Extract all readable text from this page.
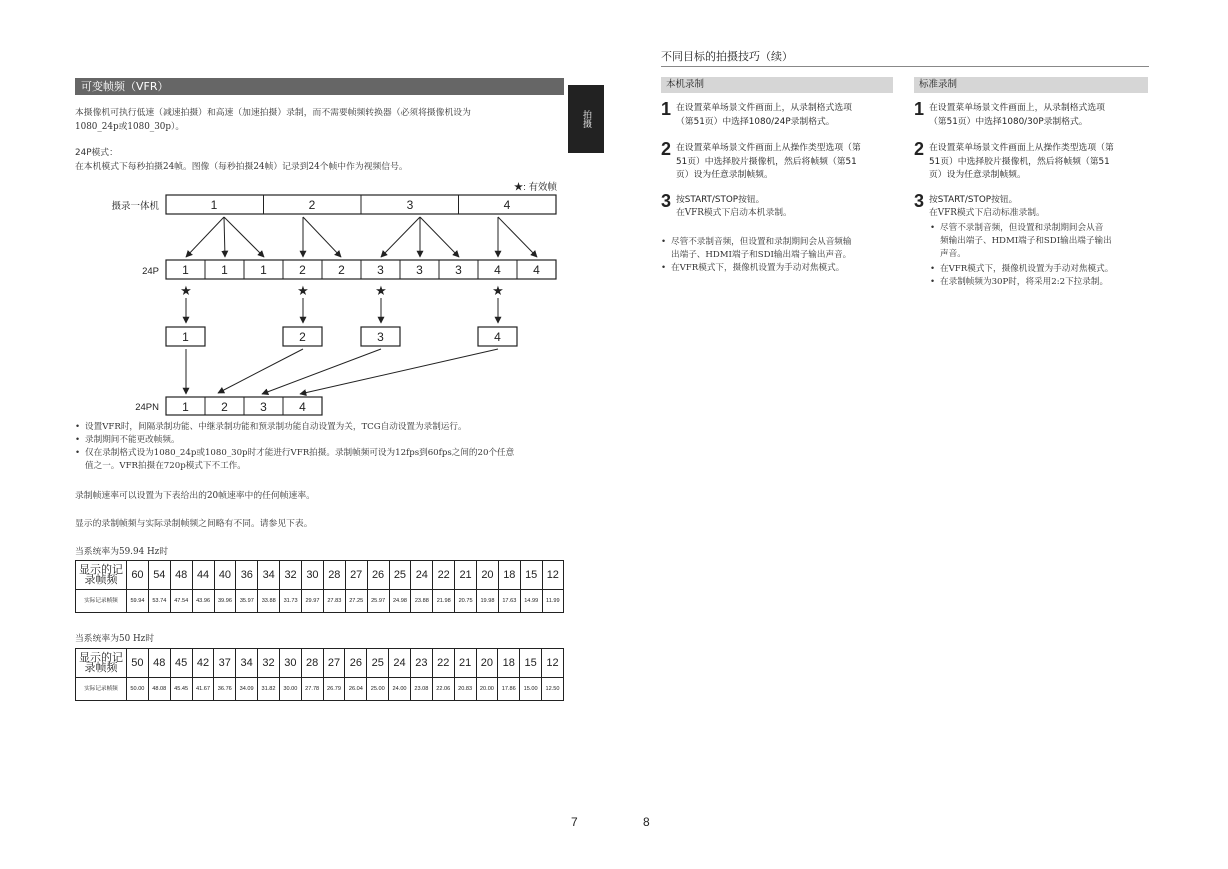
可变帧频（VFR）
本摄像机可执行低速（减速拍摄）和高速（加速拍摄）录制，而不需要帧频转换器（必须将摄像机设为
1080_24p或1080_30p）。
24P模式：
在本机模式下每秒拍摄24帧。图像（每秒拍摄24帧）记录到24个帧中作为视频信号。
★: 有效帧
摄录一体机
24P
24PN
★	★	★	★
1	2	3	4
1	1	1	2	2	3	3	3	4	4
1	2	3	4
1	2	3	4
• 设置VFR时，间隔录制功能、中继录制功能和预录制功能自动设置为关，TCG自动设置为录制运行。
• 录制期间不能更改帧频。
• 仅在录制格式设为1080_24p或1080_30p时才能进行VFR拍摄。录制帧频可设为12fps到60fps之间的20个任意
值之一。VFR拍摄在720p模式下不工作。
录制帧速率可以设置为下表给出的20帧速率中的任何帧速率。
显示的录制帧频与实际录制帧频之间略有不同。请参见下表。
当系统率为59.94 Hz时
显示的记录帧频	60	54	48	44	40	36	34	32	30	28	27	26	25	24	22	21	20	18	15	12
实际记录帧频	59.94	53.74	47.54	43.96	39.96	35.97	33.88	31.73	29.97	27.83	27.25	25.97	24.98	23.88	21.98	20.75	19.98	17.63	14.99	11.99
当系统率为50 Hz时
显示的记录帧频	50	48	45	42	37	34	32	30	28	27	26	25	24	23	22	21	20	18	15	12
实际记录帧频	50.00	48.08	45.45	41.67	36.76	34.09	31.82	30.00	27.78	26.79	26.04	25.00	24.00	23.08	22.06	20.83	20.00	17.86	15.00	12.50
7
拍摄
不同目标的拍摄技巧（续）
本机录制
1 在设置菜单场景文件画面上，从录制格式选项
（第51页）中选择1080/24P录制格式。
2 在设置菜单场景文件画面上从操作类型选项（第
51页）中选择胶片摄像机，然后将帧频（第51
页）设为任意录制帧频。
3 按START/STOP按钮。
在VFR模式下启动本机录制。
• 尽管不录制音频，但设置和录制期间会从音频输
出端子、HDMI端子和SDI输出端子输出声音。
• 在VFR模式下，摄像机设置为手动对焦模式。
标准录制
1 在设置菜单场景文件画面上，从录制格式选项
（第51页）中选择1080/30P录制格式。
2 在设置菜单场景文件画面上从操作类型选项（第
51页）中选择胶片摄像机，然后将帧频（第51
页）设为任意录制帧频。
3 按START/STOP按钮。
在VFR模式下启动标准录制。
• 尽管不录制音频，但设置和录制期间会从音
频输出端子、HDMI端子和SDI输出端子输出
声音。
• 在VFR模式下，摄像机设置为手动对焦模式。
• 在录制帧频为30P时，将采用2:2下拉录制。
8
